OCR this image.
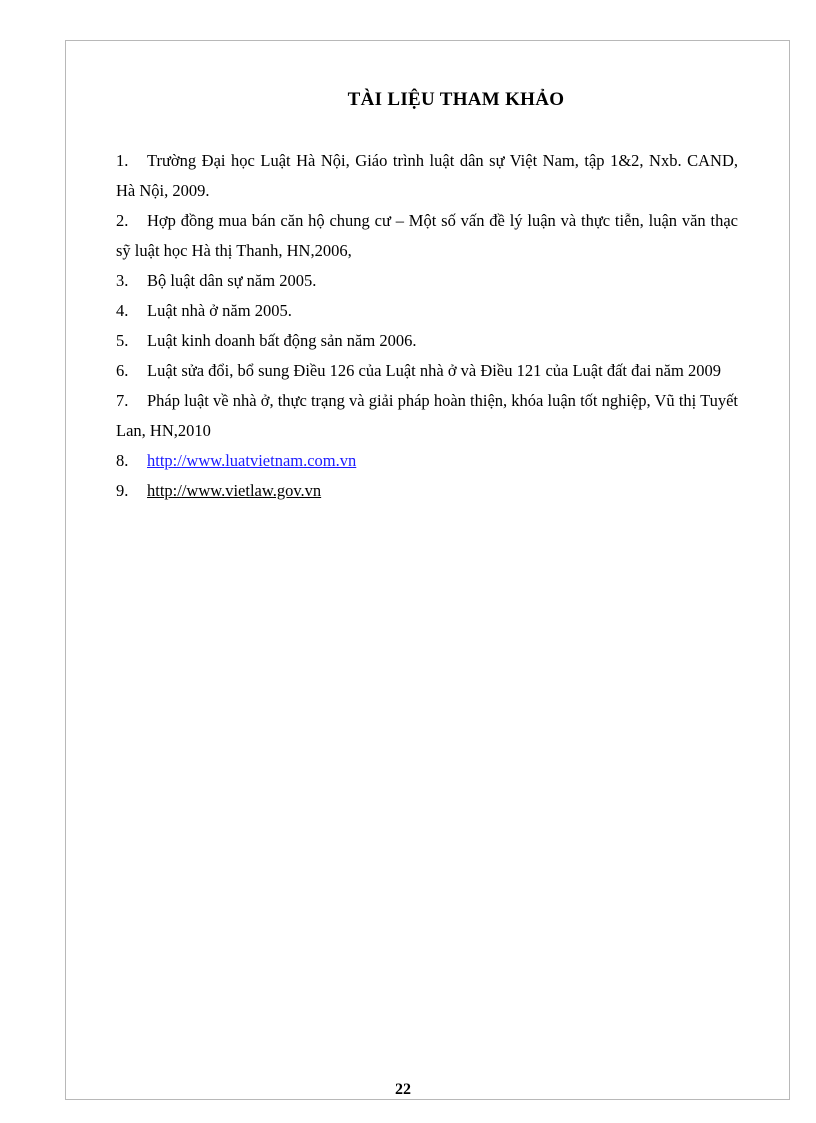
TÀI LIỆU THAM KHẢO
1. Trường Đại học Luật Hà Nội, Giáo trình luật dân sự Việt Nam, tập 1&2, Nxb. CAND, Hà Nội, 2009.
2. Hợp đồng mua bán căn hộ chung cư – Một số vấn đề lý luận và thực tiễn, luận văn thạc sỹ luật học Hà thị Thanh, HN,2006,
3. Bộ luật dân sự năm 2005.
4. Luật nhà ở năm 2005.
5. Luật kinh doanh bất động sản năm 2006.
6. Luật sửa đổi, bổ sung Điều 126 của Luật nhà ở và Điều 121 của Luật đất đai năm 2009
7. Pháp luật về nhà ở, thực trạng và giải pháp hoàn thiện, khóa luận tốt nghiệp, Vũ thị Tuyết Lan, HN,2010
8. http://www.luatvietnam.com.vn
9. http://www.vietlaw.gov.vn

22
